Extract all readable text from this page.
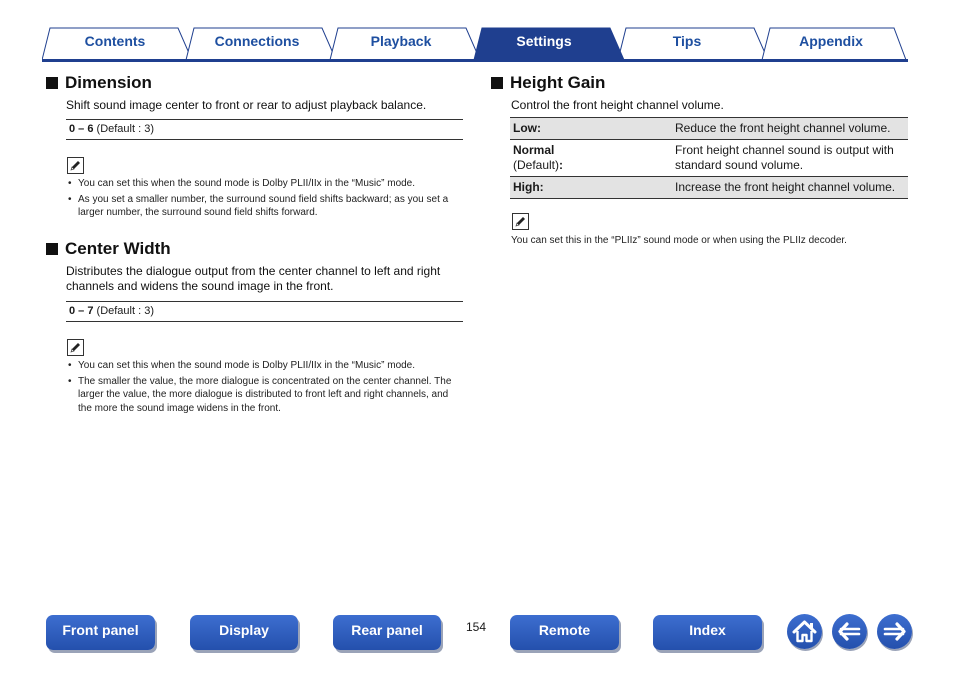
Contents	Connections	Playback	Settings	Tips	Appendix
Dimension
Shift sound image center to front or rear to adjust playback balance.
0 – 6 (Default : 3)
• You can set this when the sound mode is Dolby PLII/IIx in the “Music” mode.
• As you set a smaller number, the surround sound field shifts backward; as you set a larger number, the surround sound field shifts forward.
Center Width
Distributes the dialogue output from the center channel to left and right channels and widens the sound image in the front.
0 – 7 (Default : 3)
• You can set this when the sound mode is Dolby PLII/IIx in the “Music” mode.
• The smaller the value, the more dialogue is concentrated on the center channel. The larger the value, the more dialogue is distributed to front left and right channels, and the more the sound image widens in the front.
Height Gain
Control the front height channel volume.
Low:	Reduce the front height channel volume.
Normal
(Default):	Front height channel sound is output with standard sound volume.
High:	Increase the front height channel volume.
You can set this in the “PLIIz” sound mode or when using the PLIIz decoder.
Front panel	Display	Rear panel	154	Remote	Index
